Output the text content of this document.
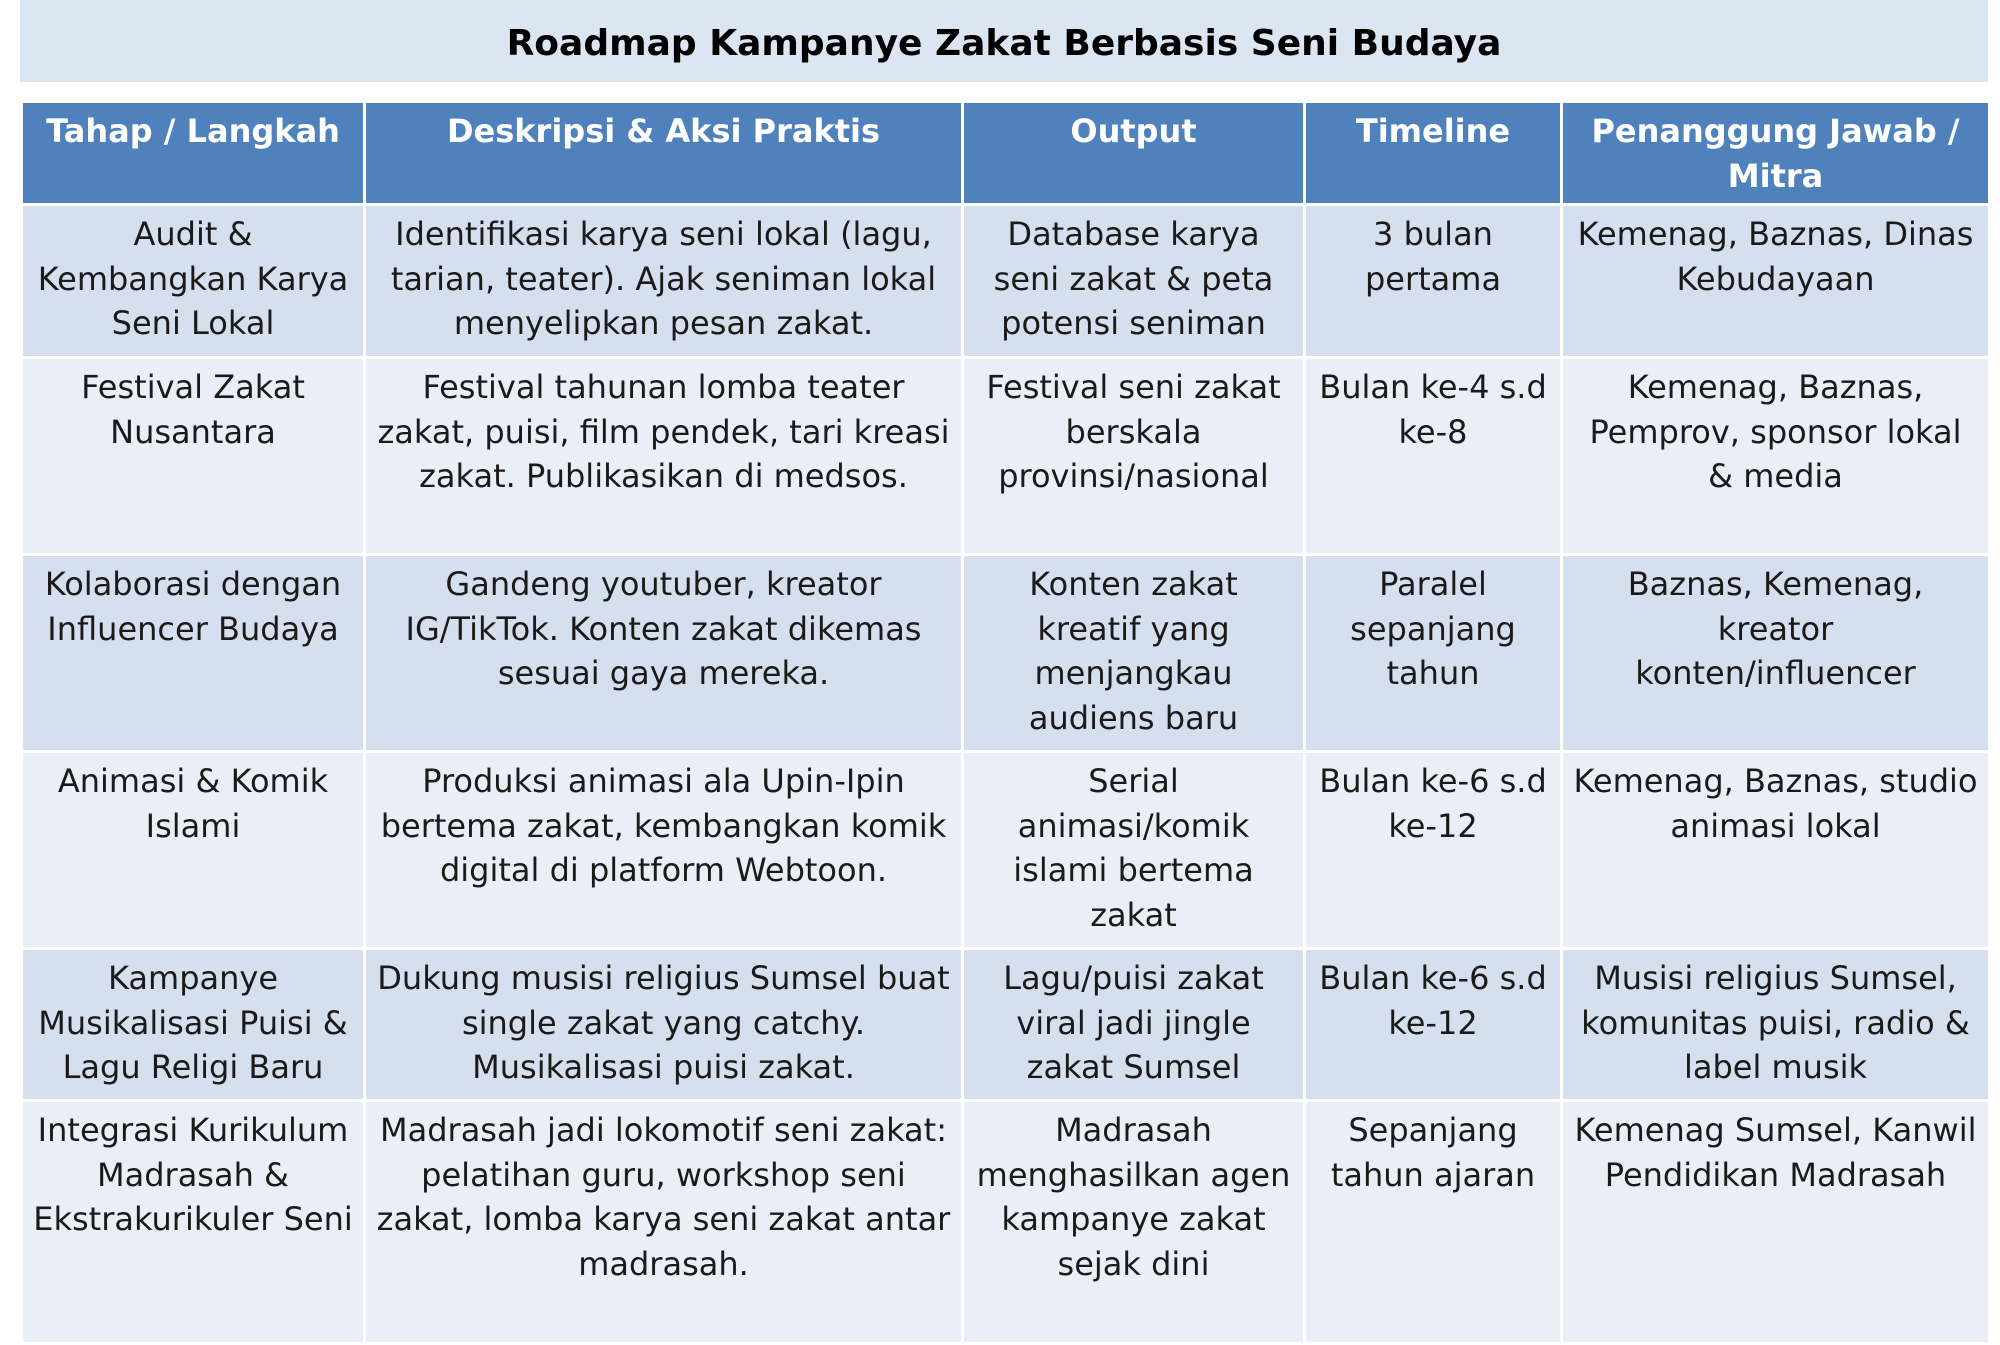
Roadmap Kampanye Zakat Berbasis Seni Budaya
Tahap / Langkah	Deskripsi & Aksi Praktis	Output	Timeline	Penanggung Jawab / Mitra
Audit & Kembangkan Karya Seni Lokal	Identifikasi karya seni lokal (lagu, tarian, teater). Ajak seniman lokal menyelipkan pesan zakat.	Database karya seni zakat & peta potensi seniman	3 bulan pertama	Kemenag, Baznas, Dinas Kebudayaan
Festival Zakat Nusantara	Festival tahunan lomba teater zakat, puisi, film pendek, tari kreasi zakat. Publikasikan di medsos.	Festival seni zakat berskala provinsi/nasional	Bulan ke-4 s.d ke-8	Kemenag, Baznas, Pemprov, sponsor lokal & media
Kolaborasi dengan Influencer Budaya	Gandeng youtuber, kreator IG/TikTok. Konten zakat dikemas sesuai gaya mereka.	Konten zakat kreatif yang menjangkau audiens baru	Paralel sepanjang tahun	Baznas, Kemenag, kreator konten/influencer
Animasi & Komik Islami	Produksi animasi ala Upin-Ipin bertema zakat, kembangkan komik digital di platform Webtoon.	Serial animasi/komik islami bertema zakat	Bulan ke-6 s.d ke-12	Kemenag, Baznas, studio animasi lokal
Kampanye Musikalisasi Puisi & Lagu Religi Baru	Dukung musisi religius Sumsel buat single zakat yang catchy. Musikalisasi puisi zakat.	Lagu/puisi zakat viral jadi jingle zakat Sumsel	Bulan ke-6 s.d ke-12	Musisi religius Sumsel, komunitas puisi, radio & label musik
Integrasi Kurikulum Madrasah & Ekstrakurikuler Seni	Madrasah jadi lokomotif seni zakat: pelatihan guru, workshop seni zakat, lomba karya seni zakat antar madrasah.	Madrasah menghasilkan agen kampanye zakat sejak dini	Sepanjang tahun ajaran	Kemenag Sumsel, Kanwil Pendidikan Madrasah
